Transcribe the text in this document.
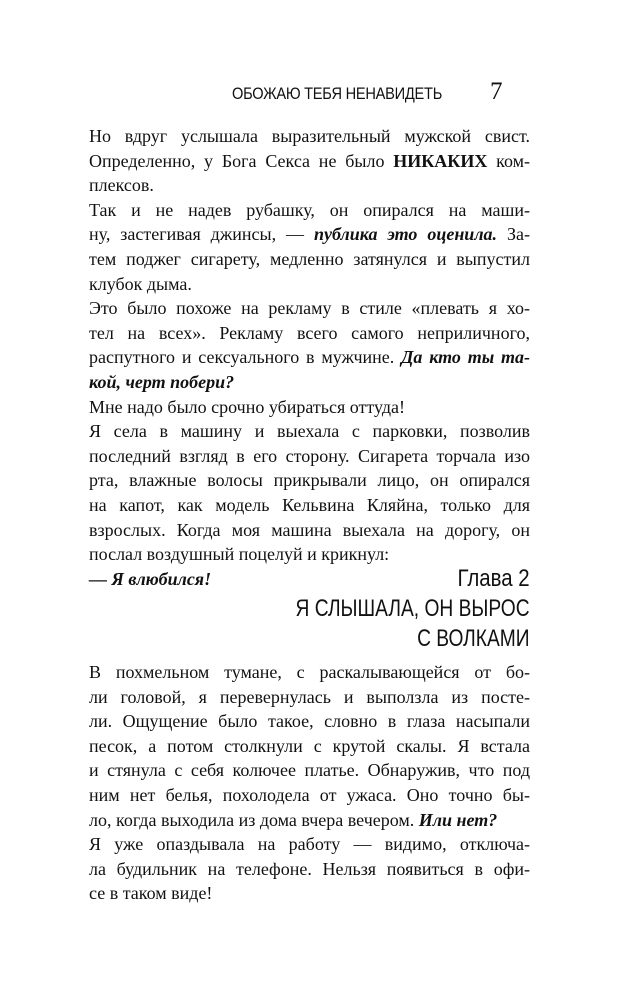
ОБОЖАЮ ТЕБЯ НЕНАВИДЕТЬ 7

Но вдруг услышала выразительный мужской свист.
Определенно, у Бога Секса не было НИКАКИХ ком-
плексов.

Так и не надев рубашку, он опирался на маши-
ну, застегивая джинсы, — публика это оценила. За-
тем поджег сигарету, медленно затянулся и выпустил
клубок дыма.

Это было похоже на рекламу в стиле «плевать я хо-
тел на всех». Рекламу всего самого неприличного,
распутного и сексуального в мужчине. Да кто ты та-
кой, черт побери?

Мне надо было срочно убираться оттуда!

Я села в машину и выехала с парковки, позволив
последний взгляд в его сторону. Сигарета торчала изо
рта, влажные волосы прикрывали лицо, он опирался
на капот, как модель Кельвина Кляйна, только для
взрослых. Когда моя машина выехала на дорогу, он
послал воздушный поцелуй и крикнул:

— Я влюбился!	Глава 2
Я СЛЫШАЛА, ОН ВЫРОС
С ВОЛКАМИ

В похмельном тумане, с раскалывающейся от бо-
ли головой, я перевернулась и выползла из посте-
ли. Ощущение было такое, словно в глаза насыпали
песок, а потом столкнули с крутой скалы. Я встала
и стянула с себя колючее платье. Обнаружив, что под
ним нет белья, похолодела от ужаса. Оно точно бы-
ло, когда выходила из дома вчера вечером. Или нет?

Я уже опаздывала на работу — видимо, отключа-
ла будильник на телефоне. Нельзя появиться в офи-
се в таком виде!
